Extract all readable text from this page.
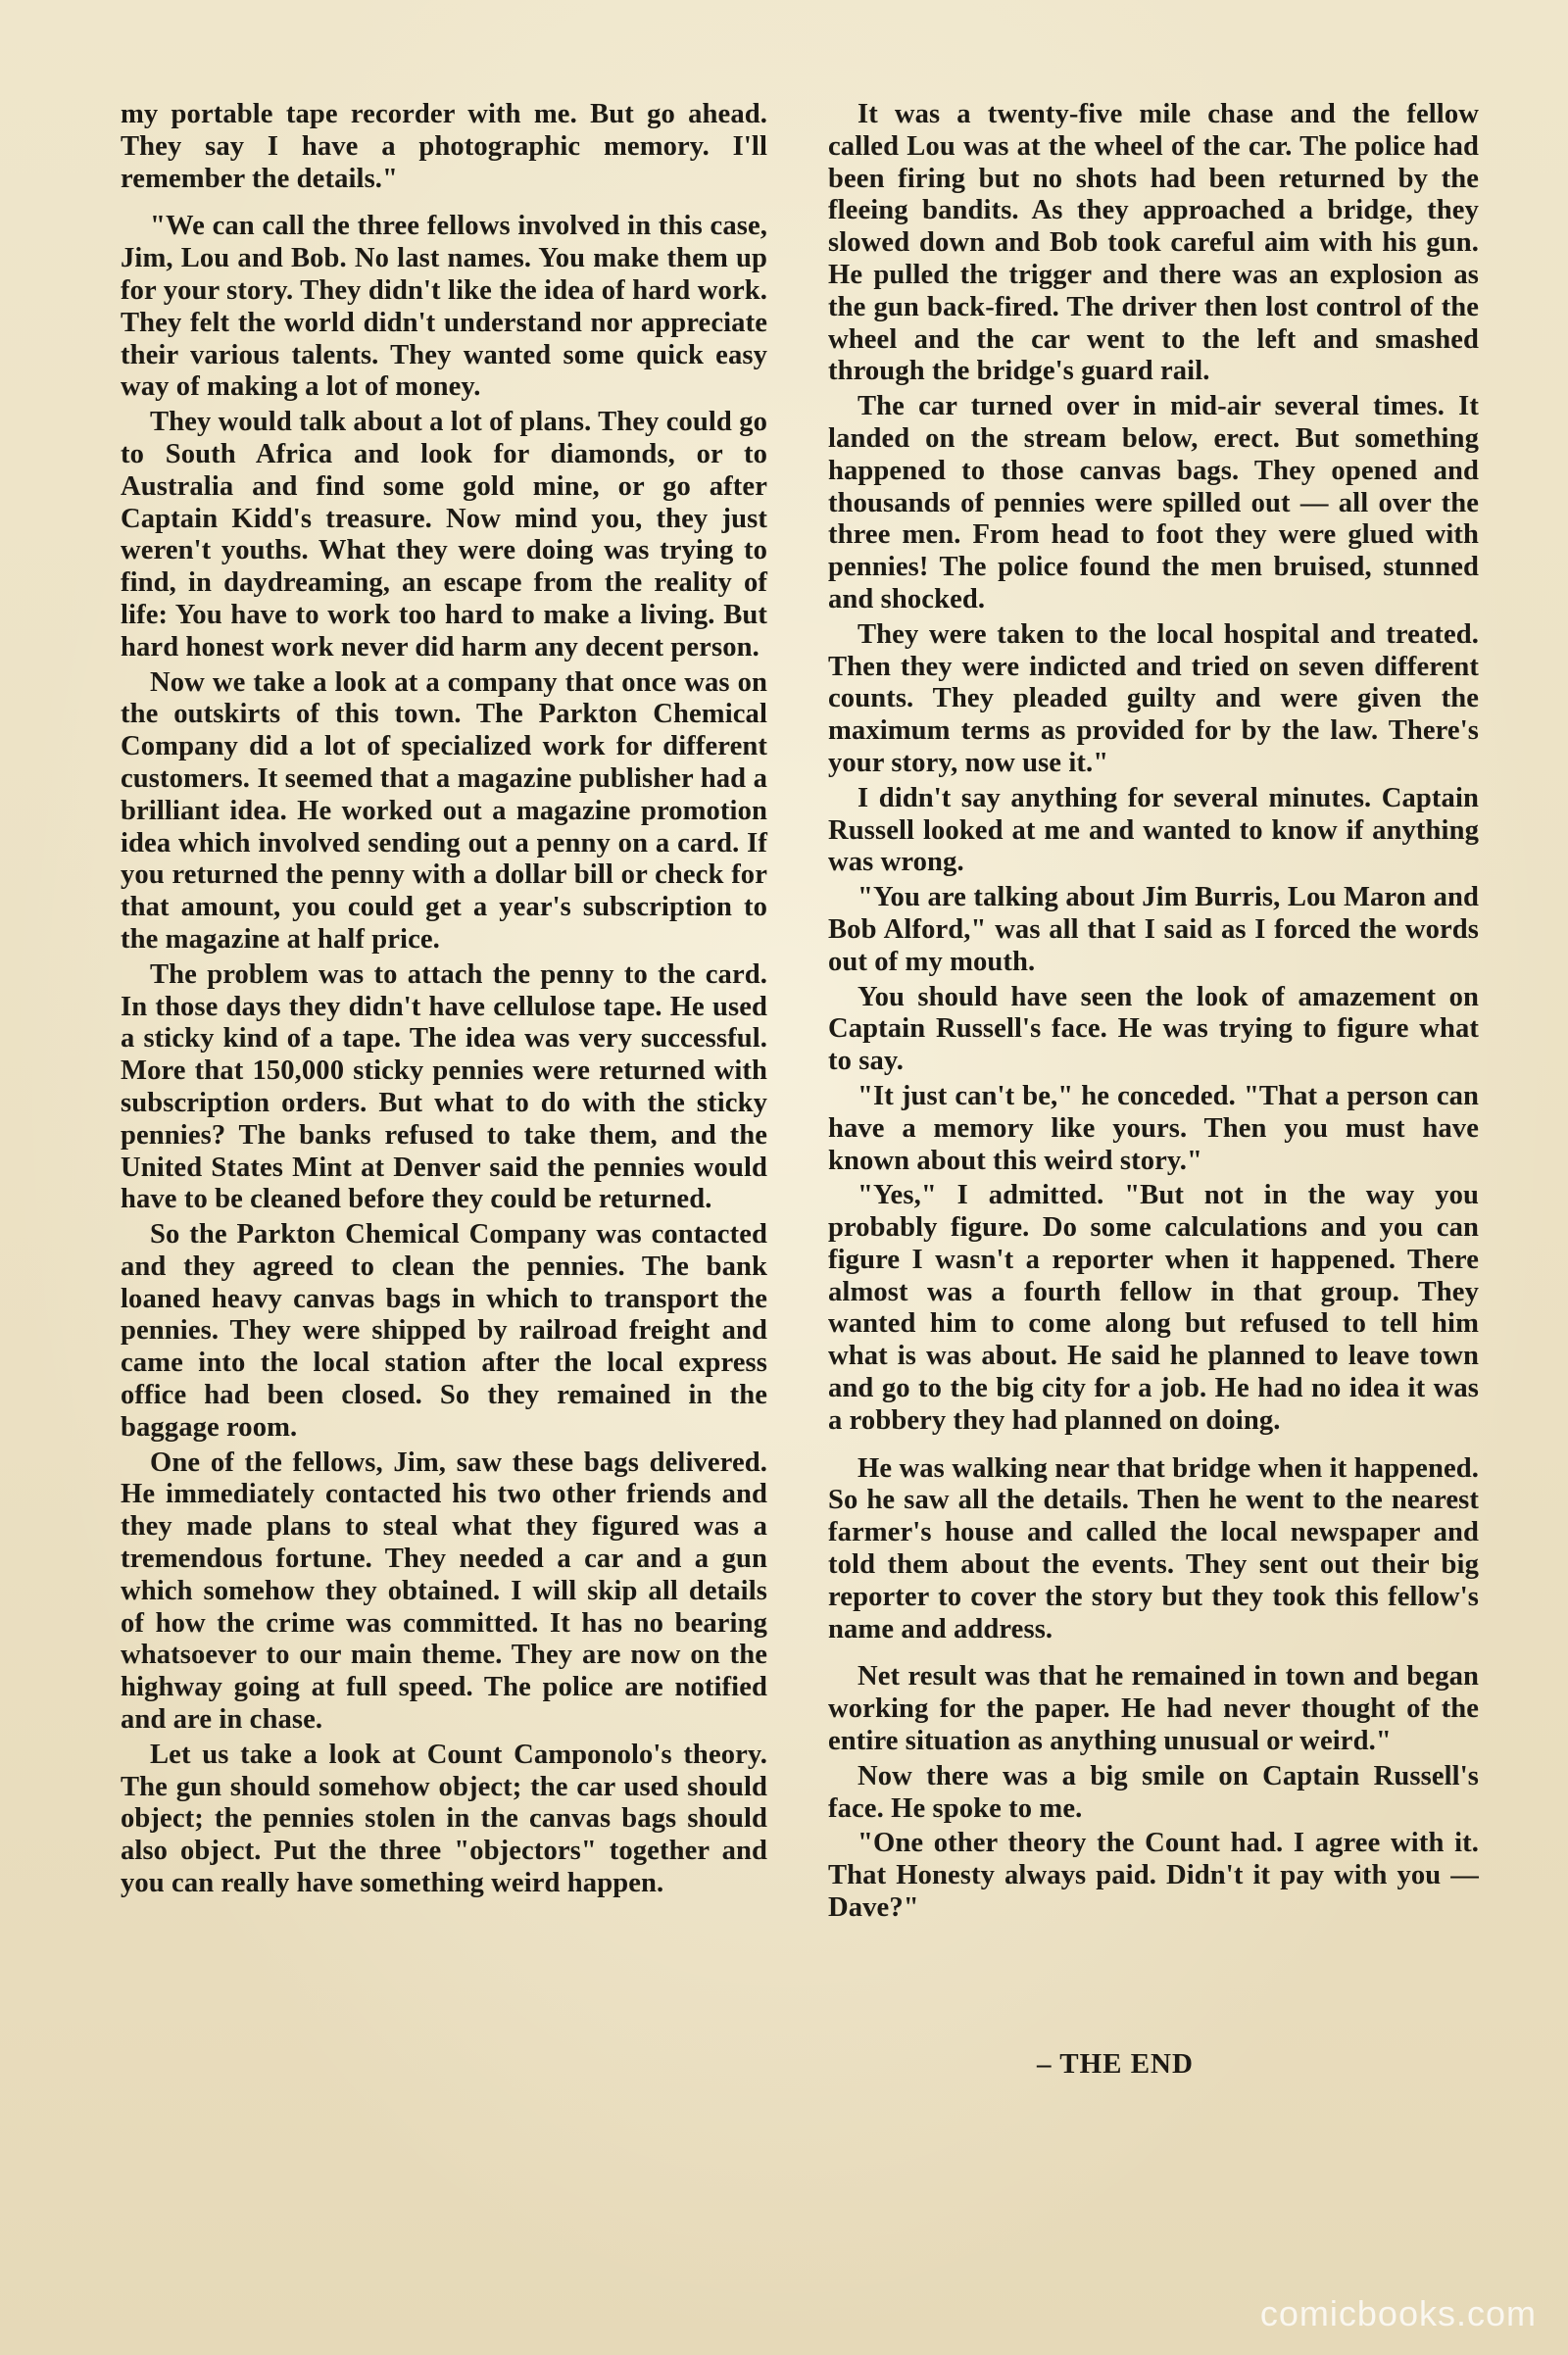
my portable tape recorder with me. But go ahead. They say I have a photographic memory. I'll remember the details."

"We can call the three fellows involved in this case, Jim, Lou and Bob. No last names. You make them up for your story. They didn't like the idea of hard work. They felt the world didn't understand nor appreciate their various talents. They wanted some quick easy way of making a lot of money.

They would talk about a lot of plans. They could go to South Africa and look for diamonds, or to Australia and find some gold mine, or go after Captain Kidd's treasure. Now mind you, they just weren't youths. What they were doing was trying to find, in daydreaming, an escape from the reality of life: You have to work too hard to make a living. But hard honest work never did harm any decent person.

Now we take a look at a company that once was on the outskirts of this town. The Parkton Chemical Company did a lot of specialized work for different customers. It seemed that a magazine publisher had a brilliant idea. He worked out a magazine promotion idea which involved sending out a penny on a card. If you returned the penny with a dollar bill or check for that amount, you could get a year's subscription to the magazine at half price.

The problem was to attach the penny to the card. In those days they didn't have cellulose tape. He used a sticky kind of a tape. The idea was very successful. More that 150,000 sticky pennies were returned with subscription orders. But what to do with the sticky pennies? The banks refused to take them, and the United States Mint at Denver said the pennies would have to be cleaned before they could be returned.

So the Parkton Chemical Company was contacted and they agreed to clean the pennies. The bank loaned heavy canvas bags in which to transport the pennies. They were shipped by railroad freight and came into the local station after the local express office had been closed. So they remained in the baggage room.

One of the fellows, Jim, saw these bags delivered. He immediately contacted his two other friends and they made plans to steal what they figured was a tremendous fortune. They needed a car and a gun which somehow they obtained. I will skip all details of how the crime was committed. It has no bearing whatsoever to our main theme. They are now on the highway going at full speed. The police are notified and are in chase.

Let us take a look at Count Camponolo's theory. The gun should somehow object; the car used should object; the pennies stolen in the canvas bags should also object. Put the three "objectors" together and you can really have something weird happen.

It was a twenty-five mile chase and the fellow called Lou was at the wheel of the car. The police had been firing but no shots had been returned by the fleeing bandits. As they approached a bridge, they slowed down and Bob took careful aim with his gun. He pulled the trigger and there was an explosion as the gun back-fired. The driver then lost control of the wheel and the car went to the left and smashed through the bridge's guard rail.

The car turned over in mid-air several times. It landed on the stream below, erect. But something happened to those canvas bags. They opened and thousands of pennies were spilled out — all over the three men. From head to foot they were glued with pennies! The police found the men bruised, stunned and shocked.

They were taken to the local hospital and treated. Then they were indicted and tried on seven different counts. They pleaded guilty and were given the maximum terms as provided for by the law. There's your story, now use it."

I didn't say anything for several minutes. Captain Russell looked at me and wanted to know if anything was wrong.

"You are talking about Jim Burris, Lou Maron and Bob Alford," was all that I said as I forced the words out of my mouth.

You should have seen the look of amazement on Captain Russell's face. He was trying to figure what to say.

"It just can't be," he conceded. "That a person can have a memory like yours. Then you must have known about this weird story."

"Yes," I admitted. "But not in the way you probably figure. Do some calculations and you can figure I wasn't a reporter when it happened. There almost was a fourth fellow in that group. They wanted him to come along but refused to tell him what is was about. He said he planned to leave town and go to the big city for a job. He had no idea it was a robbery they had planned on doing.

He was walking near that bridge when it happened. So he saw all the details. Then he went to the nearest farmer's house and called the local newspaper and told them about the events. They sent out their big reporter to cover the story but they took this fellow's name and address.

Net result was that he remained in town and began working for the paper. He had never thought of the entire situation as anything unusual or weird."

Now there was a big smile on Captain Russell's face. He spoke to me.

"One other theory the Count had. I agree with it. That Honesty always paid. Didn't it pay with you — Dave?"

– THE END
comicbooks.com
